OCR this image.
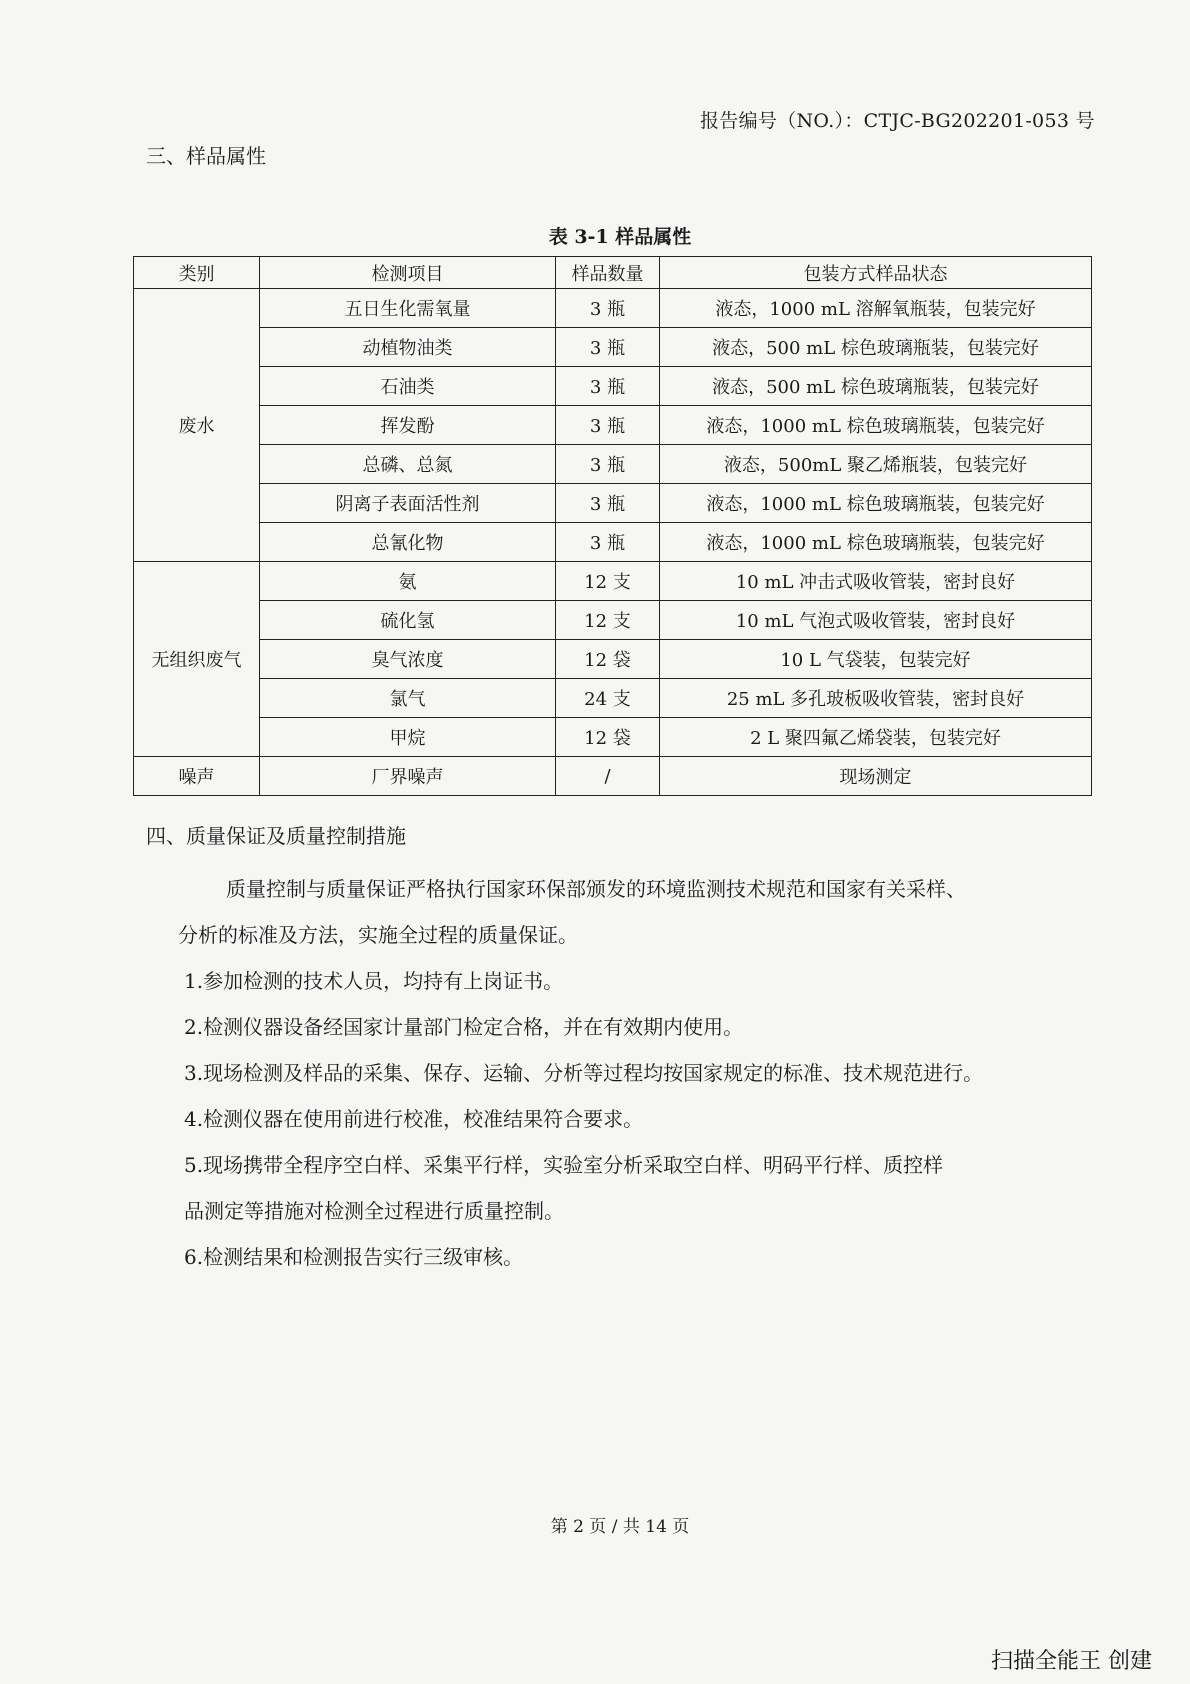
报告编号（NO.）：CTJC-BG202201-053 号
三、样品属性
表 3-1 样品属性
类别	检测项目	样品数量	包装方式样品状态
废水	五日生化需氧量	3 瓶	液态，1000 mL 溶解氧瓶装，包装完好
	动植物油类	3 瓶	液态，500 mL 棕色玻璃瓶装，包装完好
	石油类	3 瓶	液态，500 mL 棕色玻璃瓶装，包装完好
	挥发酚	3 瓶	液态，1000 mL 棕色玻璃瓶装，包装完好
	总磷、总氮	3 瓶	液态，500mL 聚乙烯瓶装，包装完好
	阴离子表面活性剂	3 瓶	液态，1000 mL 棕色玻璃瓶装，包装完好
	总氰化物	3 瓶	液态，1000 mL 棕色玻璃瓶装，包装完好
无组织废气	氨	12 支	10 mL 冲击式吸收管装，密封良好
	硫化氢	12 支	10 mL 气泡式吸收管装，密封良好
	臭气浓度	12 袋	10 L 气袋装，包装完好
	氯气	24 支	25 mL 多孔玻板吸收管装，密封良好
	甲烷	12 袋	2 L 聚四氟乙烯袋装，包装完好
噪声	厂界噪声	/	现场测定
四、质量保证及质量控制措施
质量控制与质量保证严格执行国家环保部颁发的环境监测技术规范和国家有关采样、
分析的标准及方法，实施全过程的质量保证。
1.参加检测的技术人员，均持有上岗证书。
2.检测仪器设备经国家计量部门检定合格，并在有效期内使用。
3.现场检测及样品的采集、保存、运输、分析等过程均按国家规定的标准、技术规范进行。
4.检测仪器在使用前进行校准，校准结果符合要求。
5.现场携带全程序空白样、采集平行样，实验室分析采取空白样、明码平行样、质控样
品测定等措施对检测全过程进行质量控制。
6.检测结果和检测报告实行三级审核。
第 2 页 / 共 14 页
扫描全能王 创建
